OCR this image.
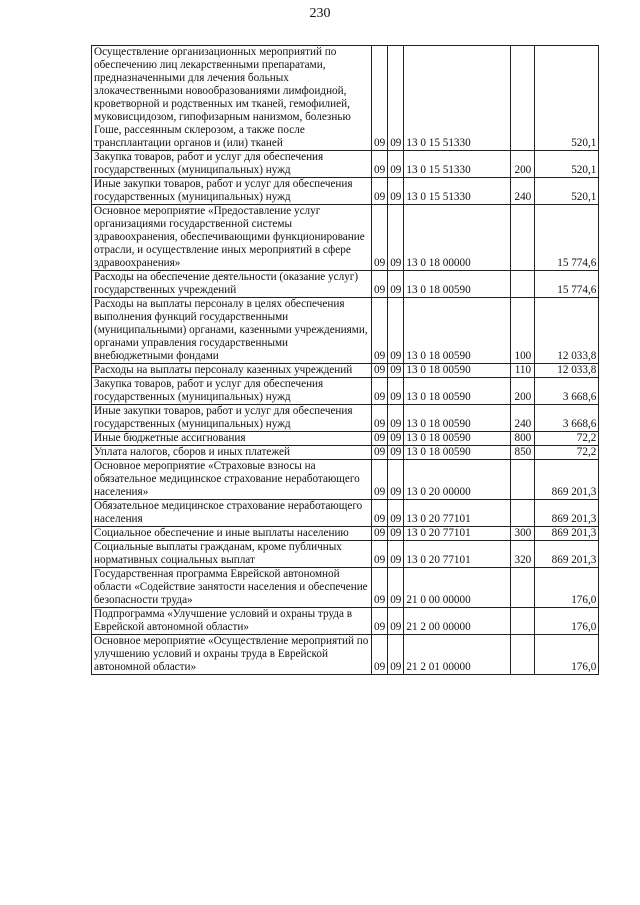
230
Осуществление организационных мероприятий по обеспечению лиц лекарственными препаратами, предназначенными для лечения больных злокачественными новообразованиями лимфоидной, кроветворной и родственных им тканей, гемофилией, муковисцидозом, гипофизарным нанизмом, болезнью Гоше, рассеянным склерозом, а также после трансплантации органов и (или) тканей	09	09	13 0 15 51330		520,1
Закупка товаров, работ и услуг для обеспечения государственных (муниципальных) нужд	09	09	13 0 15 51330	200	520,1
Иные закупки товаров, работ и услуг для обеспечения государственных (муниципальных) нужд	09	09	13 0 15 51330	240	520,1
Основное мероприятие «Предоставление услуг организациями государственной системы здравоохранения, обеспечивающими функционирование отрасли, и осуществление иных мероприятий в сфере здравоохранения»	09	09	13 0 18 00000		15 774,6
Расходы на обеспечение деятельности (оказание услуг) государственных учреждений	09	09	13 0 18 00590		15 774,6
Расходы на выплаты персоналу в целях обеспечения выполнения функций государственными (муниципальными) органами, казенными учреждениями, органами управления государственными внебюджетными фондами	09	09	13 0 18 00590	100	12 033,8
Расходы на выплаты персоналу казенных учреждений	09	09	13 0 18 00590	110	12 033,8
Закупка товаров, работ и услуг для обеспечения государственных (муниципальных) нужд	09	09	13 0 18 00590	200	3 668,6
Иные закупки товаров, работ и услуг для обеспечения государственных (муниципальных) нужд	09	09	13 0 18 00590	240	3 668,6
Иные бюджетные ассигнования	09	09	13 0 18 00590	800	72,2
Уплата налогов, сборов и иных платежей	09	09	13 0 18 00590	850	72,2
Основное мероприятие «Страховые взносы на обязательное медицинское страхование неработающего населения»	09	09	13 0 20 00000		869 201,3
Обязательное медицинское страхование неработающего населения	09	09	13 0 20 77101		869 201,3
Социальное обеспечение и иные выплаты населению	09	09	13 0 20 77101	300	869 201,3
Социальные выплаты гражданам, кроме публичных нормативных социальных выплат	09	09	13 0 20 77101	320	869 201,3
Государственная программа Еврейской автономной области «Содействие занятости населения и обеспечение безопасности труда»	09	09	21 0 00 00000		176,0
Подпрограмма «Улучшение условий и охраны труда в Еврейской автономной области»	09	09	21 2 00 00000		176,0
Основное мероприятие «Осуществление мероприятий по улучшению условий и охраны труда в Еврейской автономной области»	09	09	21 2 01 00000		176,0
